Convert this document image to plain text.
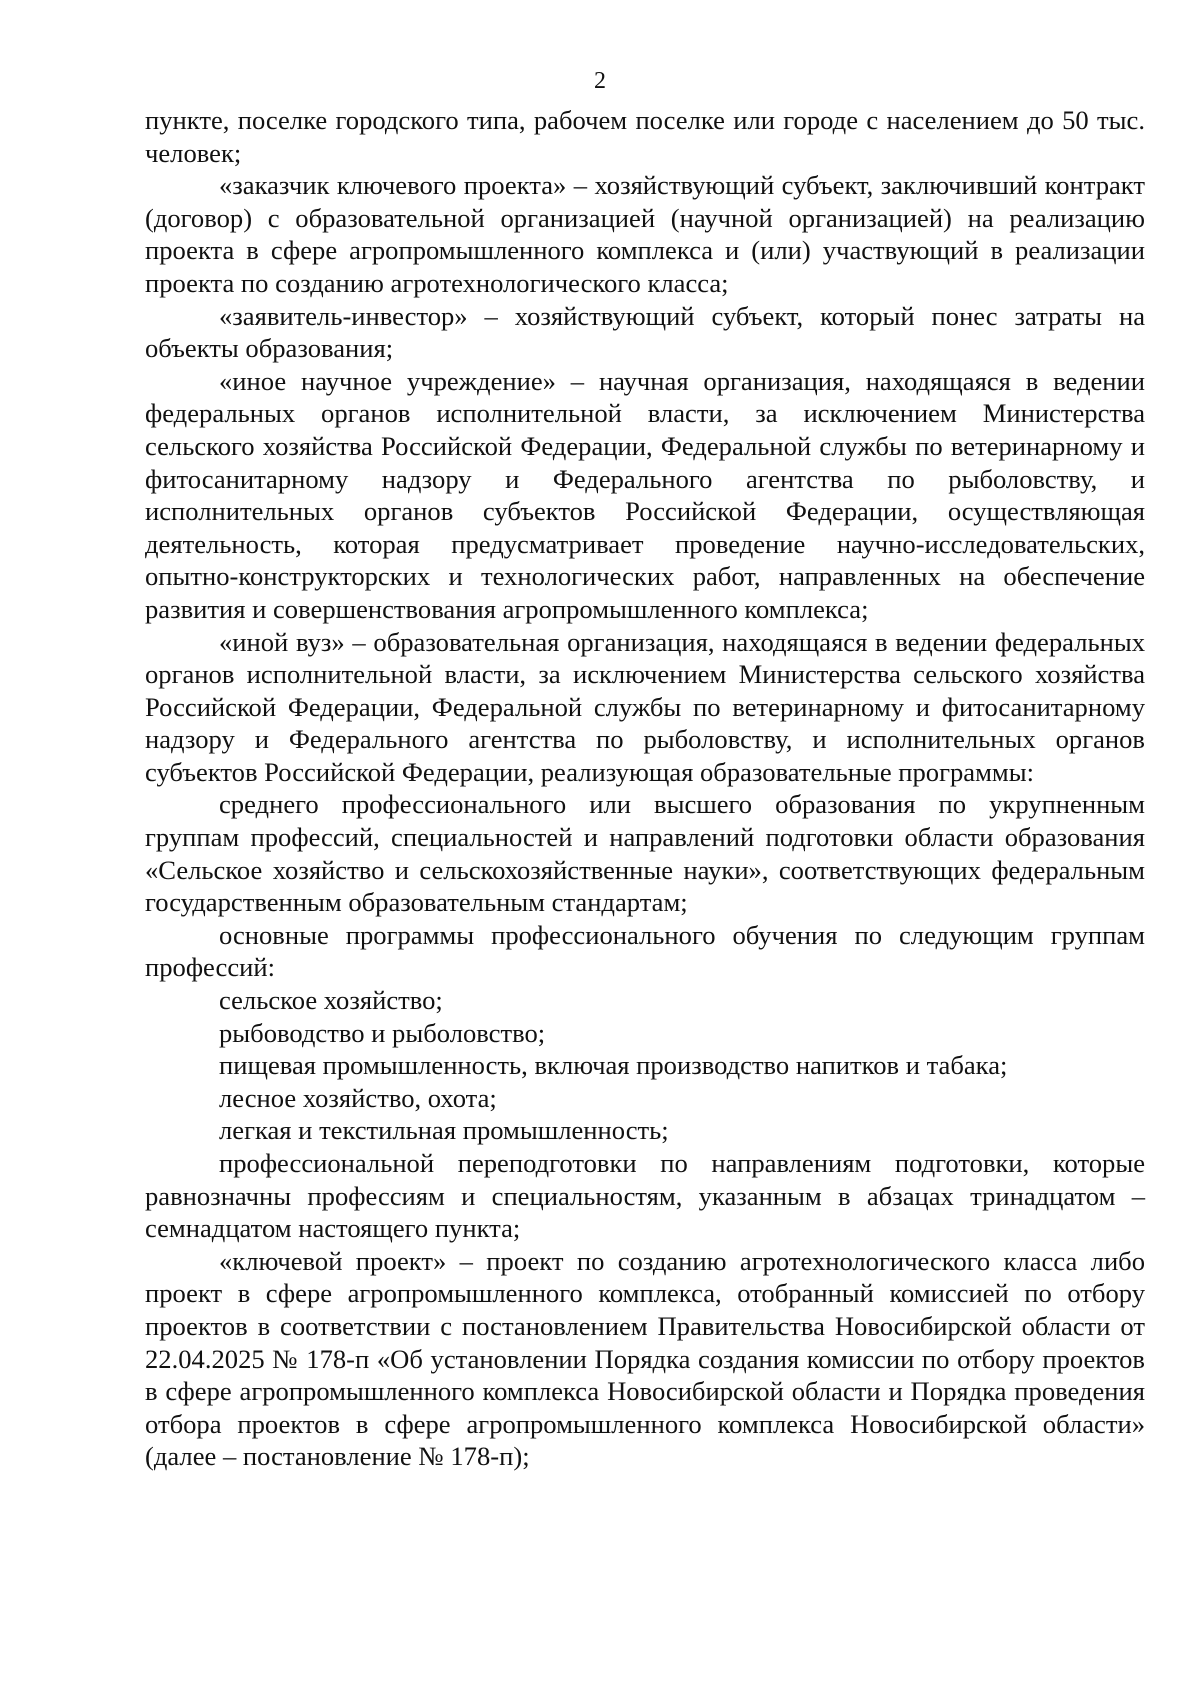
2

пункте, поселке городского типа, рабочем поселке или городе с населением до 50 тыс. человек;

«заказчик ключевого проекта» – хозяйствующий субъект, заключивший контракт (договор) с образовательной организацией (научной организацией) на реализацию проекта в сфере агропромышленного комплекса и (или) участвующий в реализации проекта по созданию агротехнологического класса;

«заявитель-инвестор» – хозяйствующий субъект, который понес затраты на объекты образования;

«иное научное учреждение» – научная организация, находящаяся в ведении федеральных органов исполнительной власти, за исключением Министерства сельского хозяйства Российской Федерации, Федеральной службы по ветеринарному и фитосанитарному надзору и Федерального агентства по рыболовству, и исполнительных органов субъектов Российской Федерации, осуществляющая деятельность, которая предусматривает проведение научно-исследовательских, опытно-конструкторских и технологических работ, направленных на обеспечение развития и совершенствования агропромышленного комплекса;

«иной вуз» – образовательная организация, находящаяся в ведении федеральных органов исполнительной власти, за исключением Министерства сельского хозяйства Российской Федерации, Федеральной службы по ветеринарному и фитосанитарному надзору и Федерального агентства по рыболовству, и исполнительных органов субъектов Российской Федерации, реализующая образовательные программы:

среднего профессионального или высшего образования по укрупненным группам профессий, специальностей и направлений подготовки области образования «Сельское хозяйство и сельскохозяйственные науки», соответствующих федеральным государственным образовательным стандартам;

основные программы профессионального обучения по следующим группам профессий:

сельское хозяйство;

рыбоводство и рыболовство;

пищевая промышленность, включая производство напитков и табака;

лесное хозяйство, охота;

легкая и текстильная промышленность;

профессиональной переподготовки по направлениям подготовки, которые равнозначны профессиям и специальностям, указанным в абзацах тринадцатом – семнадцатом настоящего пункта;

«ключевой проект» – проект по созданию агротехнологического класса либо проект в сфере агропромышленного комплекса, отобранный комиссией по отбору проектов в соответствии с постановлением Правительства Новосибирской области от 22.04.2025 № 178-п «Об установлении Порядка создания комиссии по отбору проектов в сфере агропромышленного комплекса Новосибирской области и Порядка проведения отбора проектов в сфере агропромышленного комплекса Новосибирской области» (далее – постановление № 178-п);
